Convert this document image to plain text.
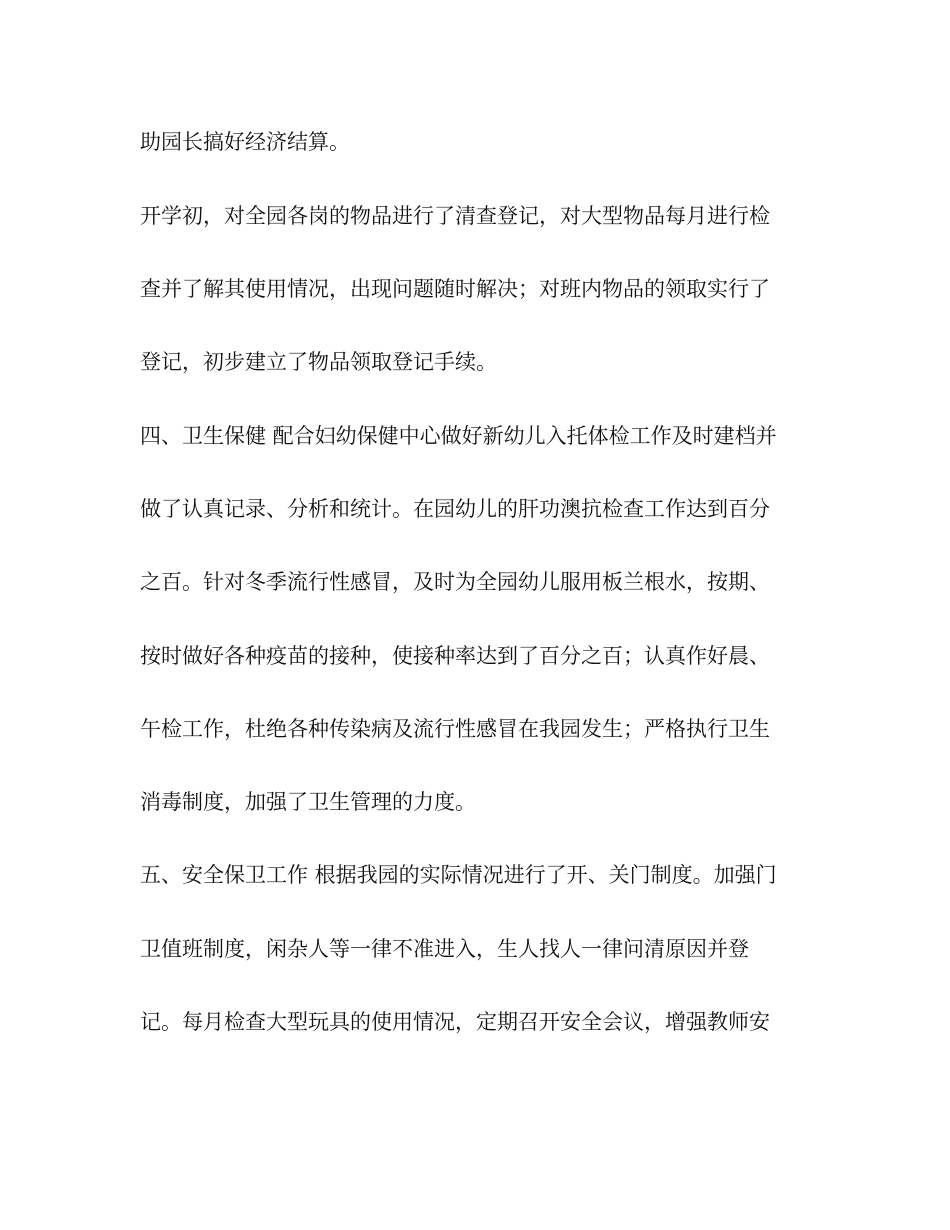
助园长搞好经济结算。

开学初，对全园各岗的物品进行了清查登记，对大型物品每月进行检

查并了解其使用情况，出现问题随时解决；对班内物品的领取实行了

登记，初步建立了物品领取登记手续。

四、卫生保健 配合妇幼保健中心做好新幼儿入托体检工作及时建档并

做了认真记录、分析和统计。在园幼儿的肝功澳抗检查工作达到百分

之百。针对冬季流行性感冒，及时为全园幼儿服用板兰根水，按期、

按时做好各种疫苗的接种，使接种率达到了百分之百；认真作好晨、

午检工作，杜绝各种传染病及流行性感冒在我园发生；严格执行卫生

消毒制度，加强了卫生管理的力度。

五、安全保卫工作 根据我园的实际情况进行了开、关门制度。加强门

卫值班制度，闲杂人等一律不准进入，生人找人一律问清原因并登

记。每月检查大型玩具的使用情况，定期召开安全会议，增强教师安
